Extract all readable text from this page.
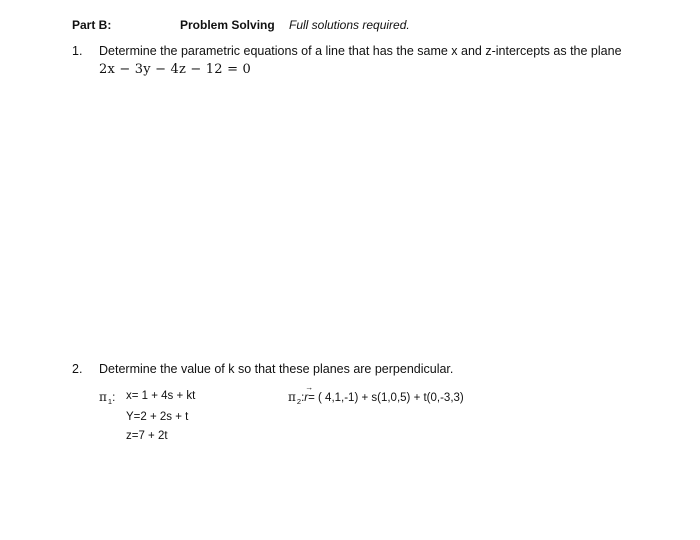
Part B:	Problem Solving Full solutions required.
1. Determine the parametric equations of a line that has the same x and z-intercepts as the plane
2x − 3y − 4z − 12 = 0
2. Determine the value of k so that these planes are perpendicular.
$\pi_1$: x= 1 + 4s + kt
Y=2 + 2s + t
z=7 + 2t
$\pi_2$:
→
r= ( 4,1,-1) + s(1,0,5) + t(0,-3,3)
